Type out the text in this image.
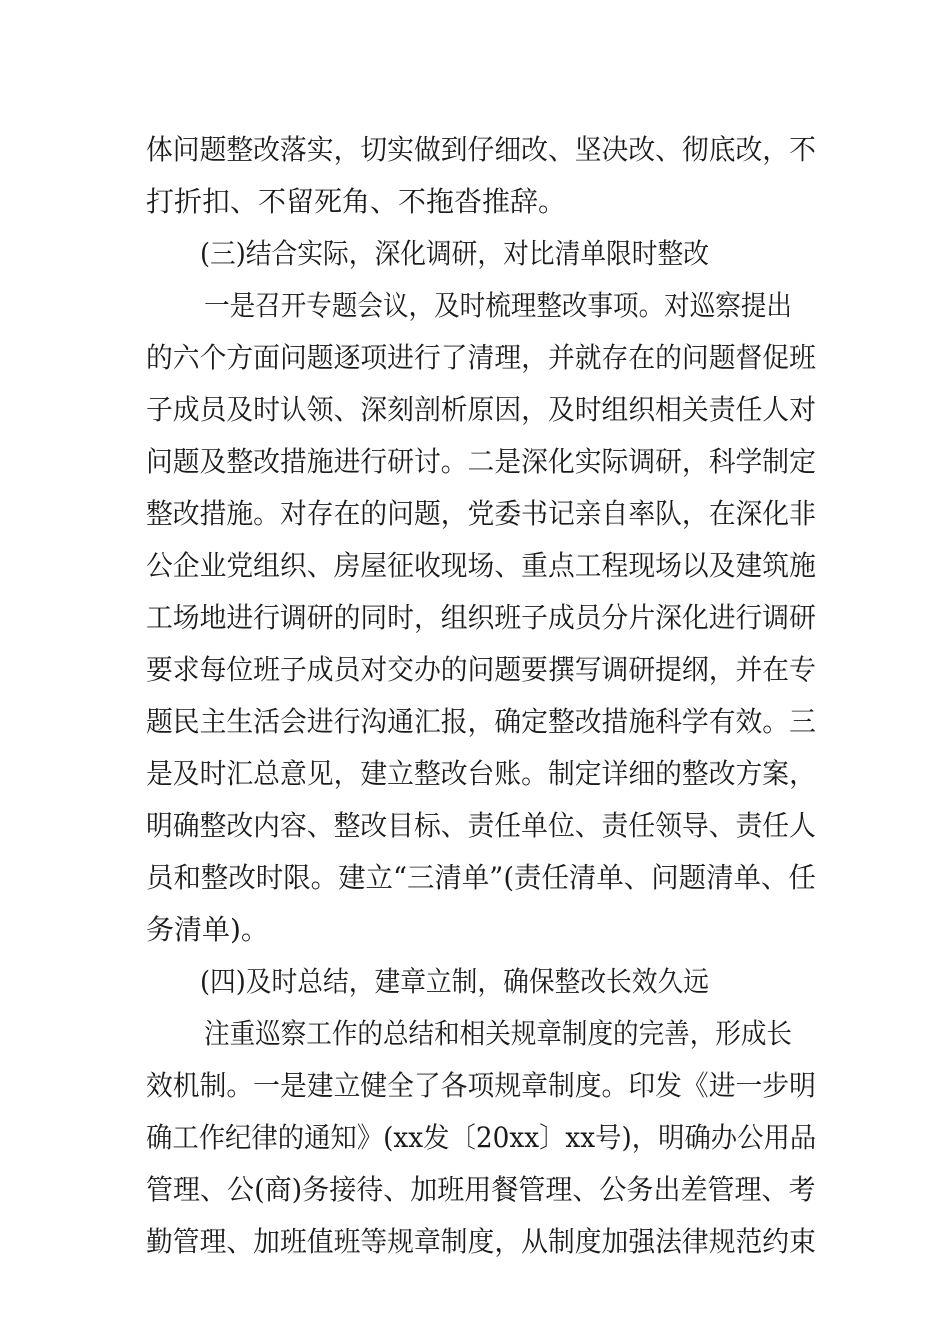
体问题整改落实，切实做到仔细改、坚决改、彻底改，不
打折扣、不留死角、不拖沓推辞。
(三)结合实际，深化调研，对比清单限时整改
一是召开专题会议，及时梳理整改事项。对巡察提出
的六个方面问题逐项进行了清理，并就存在的问题督促班
子成员及时认领、深刻剖析原因，及时组织相关责任人对
问题及整改措施进行研讨。二是深化实际调研，科学制定
整改措施。对存在的问题，党委书记亲自率队，在深化非
公企业党组织、房屋征收现场、重点工程现场以及建筑施
工场地进行调研的同时，组织班子成员分片深化进行调研
要求每位班子成员对交办的问题要撰写调研提纲，并在专
题民主生活会进行沟通汇报，确定整改措施科学有效。三
是及时汇总意见，建立整改台账。制定详细的整改方案，
明确整改内容、整改目标、责任单位、责任领导、责任人
员和整改时限。建立“三清单”(责任清单、问题清单、任
务清单)。
(四)及时总结，建章立制，确保整改长效久远
注重巡察工作的总结和相关规章制度的完善，形成长
效机制。一是建立健全了各项规章制度。印发《进一步明
确工作纪律的通知》(xx发〔20xx〕xx号)，明确办公用品
管理、公(商)务接待、加班用餐管理、公务出差管理、考
勤管理、加班值班等规章制度，从制度加强法律规范约束
